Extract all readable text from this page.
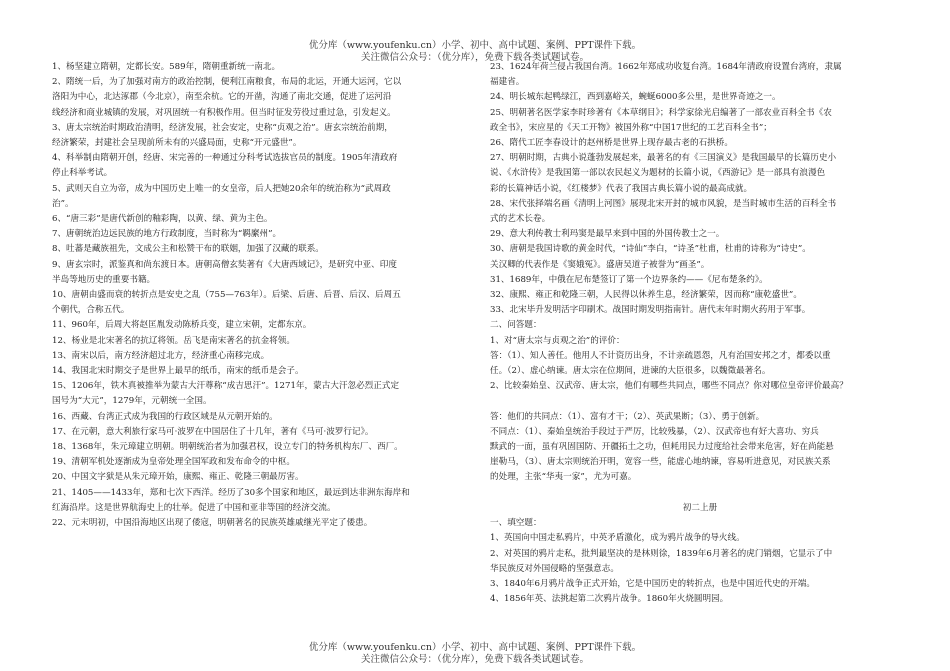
优分库（www.youfenku.cn）小学、初中、高中试题、案例、PPT课件下载。
关注微信公众号：（优分库），免费下载各类试题试卷。

1、杨坚建立隋朝，定都长安。589年，隋朝重新统一南北。

2、隋统一后，为了加强对南方的政治控制，便利江南粮食，布局的北运，开通大运河，它以

洛阳为中心，北达涿郡（今北京），南至余杭。它的开凿，沟通了南北交通，促进了运河沿

线经济和商业城镇的发展，对巩固统一有积极作用。但当时征发劳役过重过急，引发起义。

3、唐太宗统治时期政治清明，经济发展，社会安定，史称“贞观之治”。唐玄宗统治前期，

经济繁荣，封建社会呈现前所未有的兴盛局面，史称“开元盛世”。

4、科举制由隋朝开创，经唐、宋完善的一种通过分科考试选拔官员的制度。1905年清政府

停止科举考试。

5、武则天自立为帝，成为中国历史上唯一的女皇帝，后人把她20余年的统治称为“武周政

治”。

6、“唐三彩”是唐代新创的釉彩陶，以黄、绿、黄为主色。

7、唐朝统治边远民族的地方行政制度，当时称为“羁縻州”。

8、吐蕃是藏族祖先，文成公主和松赞干布的联姻，加强了汉藏的联系。

9、唐玄宗时，派鉴真和尚东渡日本。唐朝高僧玄奘著有《大唐西域记》，是研究中亚、印度

半岛等地历史的重要书籍。

10、唐朝由盛而衰的转折点是安史之乱（755—763年）。后梁、后唐、后晋、后汉、后周五

个朝代，合称五代。

11、960年，后周大将赵匡胤发动陈桥兵变，建立宋朝，定都东京。

12、杨业是北宋著名的抗辽将领。岳飞是南宋著名的抗金将领。

13、南宋以后，南方经济超过北方，经济重心南移完成。

14、我国北宋时期交子是世界上最早的纸币，南宋的纸币是会子。

15、1206年，铁木真被推举为蒙古大汗尊称“成吉思汗”。1271年，蒙古大汗忽必烈正式定

国号为“大元”，1279年，元朝统一全国。

16、西藏、台湾正式成为我国的行政区域是从元朝开始的。

17、在元朝，意大利旅行家马可·波罗在中国居住了十几年，著有《马可·波罗行记》。

18、1368年，朱元璋建立明朝。明朝统治者为加强君权，设立专门的特务机构东厂、西厂。

19、清朝军机处逐渐成为皇帝处理全国军政和发布命令的中枢。

20、中国文字狱是从朱元璋开始，康熙、雍正、乾隆三朝最厉害。

21、1405——1433年，郑和七次下西洋。经历了30多个国家和地区，最远到达非洲东海岸和

红海沿岸。这是世界航海史上的壮举。促进了中国和亚非等国的经济交流。

22、元末明初，中国沿海地区出现了倭寇，明朝著名的民族英雄戚继光平定了倭患。

23、1624年荷兰侵占我国台湾。1662年郑成功收复台湾。1684年清政府设置台湾府，隶属

福建省。

24、明长城东起鸭绿江，西到嘉峪关，蜿蜒6000多公里，是世界奇迹之一。

25、明朝著名医学家李时珍著有《本草纲目》；科学家徐光启编著了一部农业百科全书《农

政全书》，宋应星的《天工开物》被国外称“中国17世纪的工艺百科全书”；

26、隋代工匠李春设计的赵州桥是世界上现存最古老的石拱桥。

27、明朝时期，古典小说蓬勃发展起来，最著名的有《三国演义》是我国最早的长篇历史小

说、《水浒传》是我国第一部以农民起义为题材的长篇小说，《西游记》是一部具有浪漫色

彩的长篇神话小说，《红楼梦》代表了我国古典长篇小说的最高成就。

28、宋代张择端名画《清明上河图》展现北宋开封的城市风貌，是当时城市生活的百科全书

式的艺术长卷。

29、意大利传教士利玛窦是最早来到中国的外国传教士之一。

30、唐朝是我国诗歌的黄金时代，“诗仙”李白，“诗圣”杜甫，杜甫的诗称为“诗史”。

关汉卿的代表作是《窦娥冤》。盛唐吴道子被誉为“画圣”。

31、1689年，中俄在尼布楚签订了第一个边界条约——《尼布楚条约》。

32、康熙、雍正和乾隆三朝，人民得以休养生息，经济繁荣，因而称“康乾盛世”。

33、北宋毕升发明活字印刷术。战国时期发明指南针。唐代末年时期火药用于军事。

二、问答题：

1、对“唐太宗与贞观之治”的评价：

答：（1）、知人善任。他用人不计资历出身，不计亲疏恩怨，凡有治国安邦之才，都委以重

任。（2）、虚心纳谏。唐太宗在位期间，进谏的大臣很多，以魏徵最著名。

2、比较秦始皇、汉武帝、唐太宗，他们有哪些共同点，哪些不同点？你对哪位皇帝评价最高？

答：他们的共同点：（1）、富有才干；（2）、英武果断；（3）、勇于创新。

不同点：（1）、秦始皇统治手段过于严厉，比较残暴，（2）、汉武帝也有好大喜功、穷兵

黩武的一面，虽有巩固国防、开疆拓土之功，但耗用民力过度给社会带来危害，好在尚能悬

崖勒马，（3）、唐太宗则统治开明，宽容一些，能虚心地纳谏，容易听进意见，对民族关系

的处理，主张“华夷一家”，尤为可嘉。

初二上册

一、填空题：

1、英国向中国走私鸦片，中英矛盾激化，成为鸦片战争的导火线。

2、对英国的鸦片走私，批判最坚决的是林则徐，1839年6月著名的虎门销烟，它显示了中

华民族反对外国侵略的坚强意志。

3、1840年6月鸦片战争正式开始，它是中国历史的转折点，也是中国近代史的开端。

4、1856年英、法挑起第二次鸦片战争。1860年火烧圆明园。

优分库（www.youfenku.cn）小学、初中、高中试题、案例、PPT课件下载。
关注微信公众号：（优分库），免费下载各类试题试卷。
